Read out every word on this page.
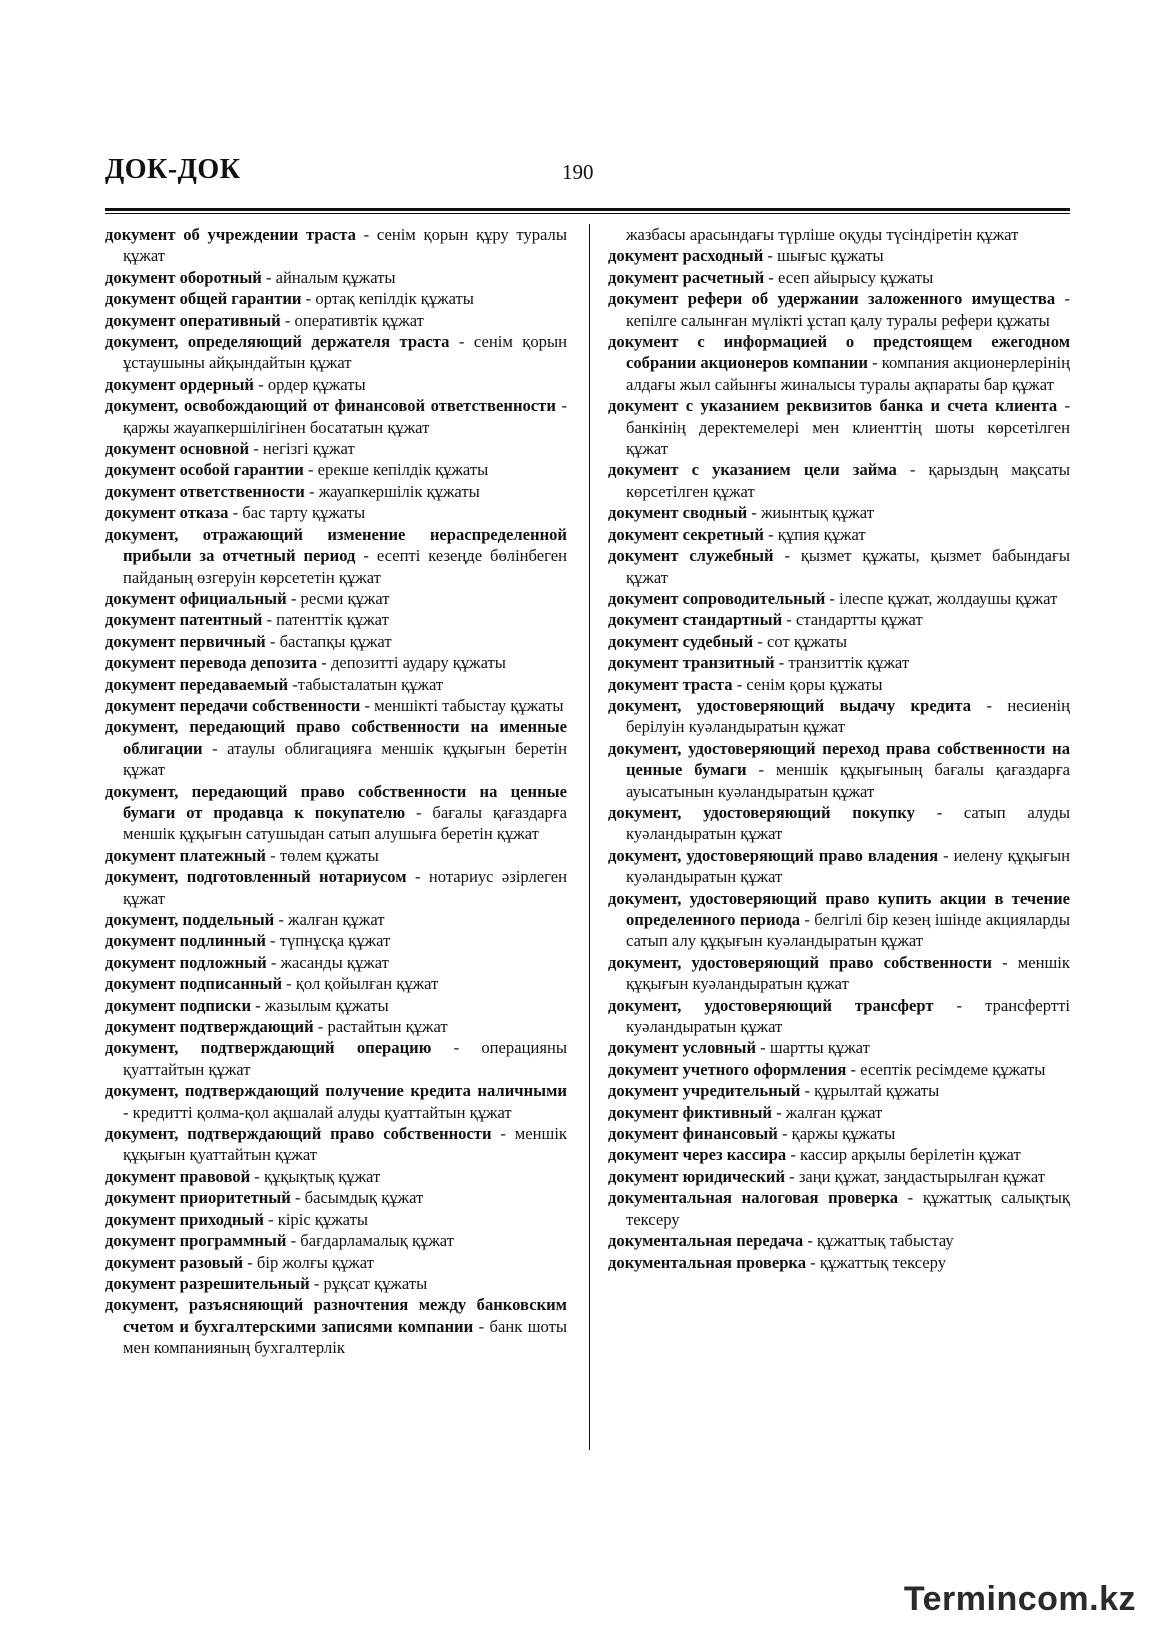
ДОК-ДОК	190

документ об учреждении траста - сенім қорын құру туралы құжат

документ оборотный - айналым құжаты

документ общей гарантии - ортақ кепілдік құжаты

документ оперативный - оперативтік құжат

документ, определяющий держателя траста - сенім қорын ұстаушыны айқындайтын құжат

документ ордерный - ордер құжаты

документ, освобождающий от финансовой ответственности - қаржы жауапкершілігінен босататын құжат

документ основной - негізгі құжат

документ особой гарантии - ерекше кепілдік құжаты

документ ответственности - жауапкершілік құжаты

документ отказа - бас тарту құжаты

документ, отражающий изменение нераспределенной прибыли за отчетный период - есепті кезеңде бөлінбеген пайданың өзгеруін көрсететін құжат

документ официальный - ресми құжат

документ патентный - патенттік құжат

документ первичный - бастапқы құжат

документ перевода депозита - депозитті аудару құжаты

документ передаваемый -табысталатын құжат

документ передачи собственности - меншікті табыстау құжаты

документ, передающий право собственности на именные облигации - атаулы облигацияға меншік құқығын беретін құжат

документ, передающий право собственности на ценные бумаги от продавца к покупателю - бағалы қағаздарға меншік құқығын сатушыдан сатып алушыға беретін құжат

документ платежный - төлем құжаты

документ, подготовленный нотариусом - нотариус әзірлеген құжат

документ, поддельный - жалған құжат

документ подлинный - түпнұсқа құжат

документ подложный - жасанды құжат

документ подписанный - қол қойылған құжат

документ подписки - жазылым құжаты

документ подтверждающий - растайтын құжат

документ, подтверждающий операцию - операцияны қуаттайтын құжат

документ, подтверждающий получение кредита наличными - кредитті қолма-қол ақшалай алуды қуаттайтын құжат

документ, подтверждающий право собственности - меншік құқығын қуаттайтын құжат

документ правовой - құқықтық құжат

документ приоритетный - басымдық құжат

документ приходный - кіріс құжаты

документ программный - бағдарламалық құжат

документ разовый - бір жолғы құжат

документ разрешительный - рұқсат құжаты

документ, разъясняющий разночтения между банковским счетом и бухгалтерскими записями компании - банк шоты мен компанияның бухгалтерлік

жазбасы арасындағы түрліше оқуды түсіндіретін құжат

документ расходный - шығыс құжаты

документ расчетный - есеп айырысу құжаты

документ рефери об удержании заложенного имущества - кепілге салынған мүлікті ұстап қалу туралы рефери құжаты

документ с информацией о предстоящем ежегодном собрании акционеров компании - компания акционерлерінің алдағы жыл сайынғы жиналысы туралы ақпараты бар құжат

документ с указанием реквизитов банка и счета клиента - банкінің деректемелері мен клиенттің шоты көрсетілген құжат

документ с указанием цели займа - қарыздың мақсаты көрсетілген құжат

документ сводный - жиынтық құжат

документ секретный - құпия құжат

документ служебный - қызмет құжаты, қызмет бабындағы құжат

документ сопроводительный - ілеспе құжат, жолдаушы құжат

документ стандартный - стандартты құжат

документ судебный - сот құжаты

документ транзитный - транзиттік құжат

документ траста - сенім қоры құжаты

документ, удостоверяющий выдачу кредита - несиенің берілуін куәландыратын құжат

документ, удостоверяющий переход права собственности на ценные бумаги - меншік құқығының бағалы қағаздарға ауысатынын куәландыратын құжат

документ, удостоверяющий покупку - сатып алуды куәландыратын құжат

документ, удостоверяющий право владения - иелену құқығын куәландыратын құжат

документ, удостоверяющий право купить акции в течение определенного периода - белгілі бір кезең ішінде акцияларды сатып алу құқығын куәландыратын құжат

документ, удостоверяющий право собственности - меншік құқығын куәландыратын құжат

документ, удостоверяющий трансферт - трансфертті куәландыратын құжат

документ условный - шартты құжат

документ учетного оформления - есептік ресімдеме құжаты

документ учредительный - құрылтай құжаты

документ фиктивный - жалған құжат

документ финансовый - қаржы құжаты

документ через кассира - кассир арқылы берілетін құжат

документ юридический - заңи құжат, заңдастырылған құжат

документальная налоговая проверка - құжаттық салықтық тексеру

документальная передача - құжаттық табыстау

документальная проверка - құжаттық тексеру

Termincom.kz
